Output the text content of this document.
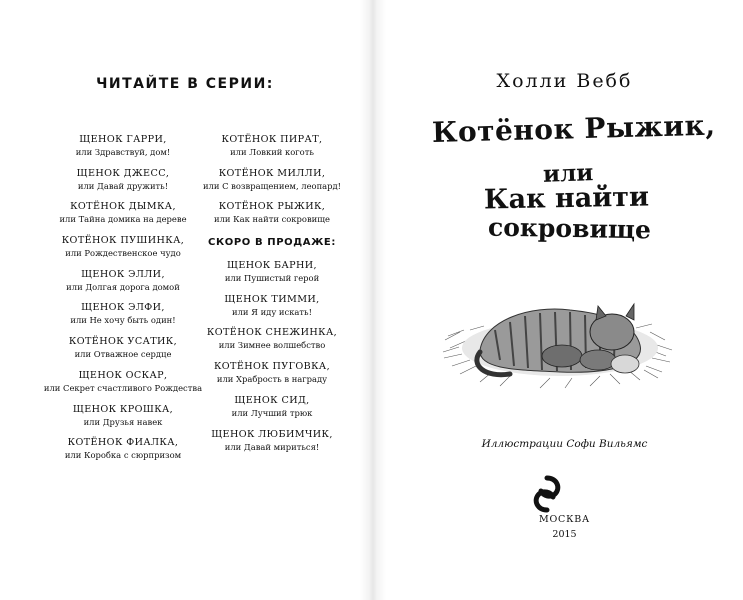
ЧИТАЙТЕ В СЕРИИ:
ЩЕНОК ГАРРИ,
или Здравствуй, дом!
ЩЕНОК ДЖЕСС,
или Давай дружить!
КОТЁНОК ДЫМКА,
или Тайна домика на дереве
КОТЁНОК ПУШИНКА,
или Рождественское чудо
ЩЕНОК ЭЛЛИ,
или Долгая дорога домой
ЩЕНОК ЭЛФИ,
или Не хочу быть один!
КОТЁНОК УСАТИК,
или Отважное сердце
ЩЕНОК ОСКАР,
или Секрет счастливого Рождества
ЩЕНОК КРОШКА,
или Друзья навек
КОТЁНОК ФИАЛКА,
или Коробка с сюрпризом
КОТЁНОК ПИРАТ,
или Ловкий коготь
КОТЁНОК МИЛЛИ,
или С возвращением, леопард!
КОТЁНОК РЫЖИК,
или Как найти сокровище
СКОРО В ПРОДАЖЕ:
ЩЕНОК БАРНИ,
или Пушистый герой
ЩЕНОК ТИММИ,
или Я иду искать!
КОТЁНОК СНЕЖИНКА,
или Зимнее волшебство
КОТЁНОК ПУГОВКА,
или Храбрость в награду
ЩЕНОК СИД,
или Лучший трюк
ЩЕНОК ЛЮБИМЧИК,
или Давай мириться!
Холли Вебб
Котёнок Рыжик,
или
Как найти
сокровище
Иллюстрации Софи Вильямс
МОСКВА
2015
